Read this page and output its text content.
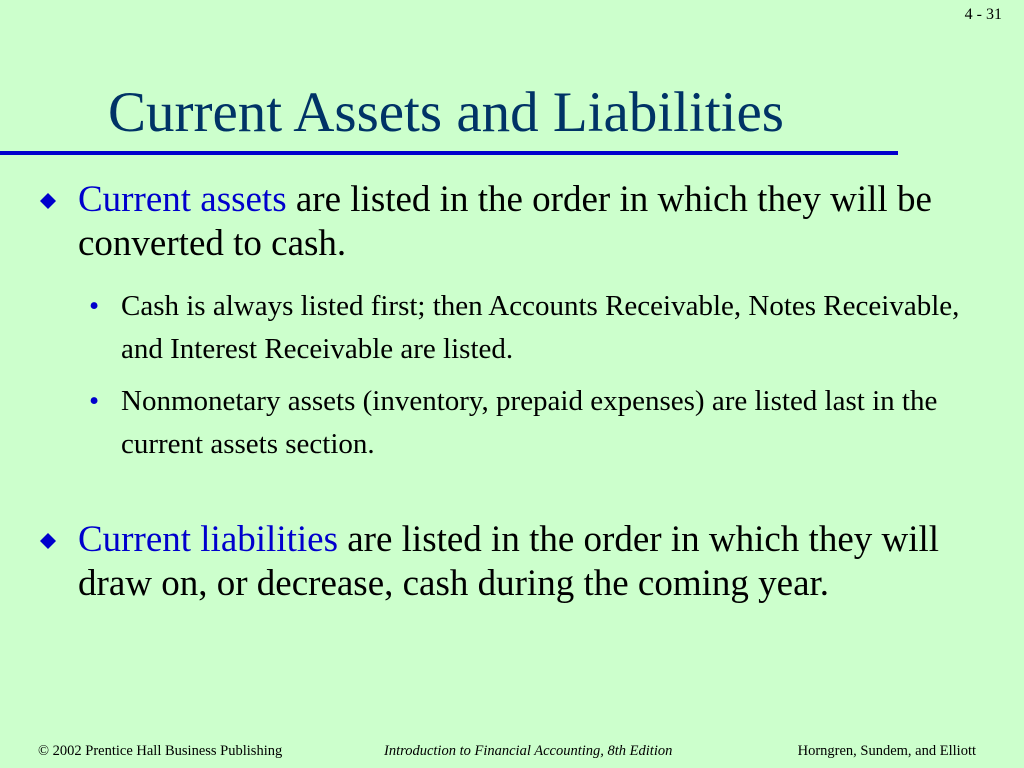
4 - 31
Current Assets and Liabilities
Current assets are listed in the order in which they will be converted to cash.
• Cash is always listed first; then Accounts Receivable, Notes Receivable, and Interest Receivable are listed.
• Nonmonetary assets (inventory, prepaid expenses) are listed last in the current assets section.
Current liabilities are listed in the order in which they will draw on, or decrease, cash during the coming year.
© 2002 Prentice Hall Business Publishing	Introduction to Financial Accounting, 8th Edition	Horngren, Sundem, and Elliott
